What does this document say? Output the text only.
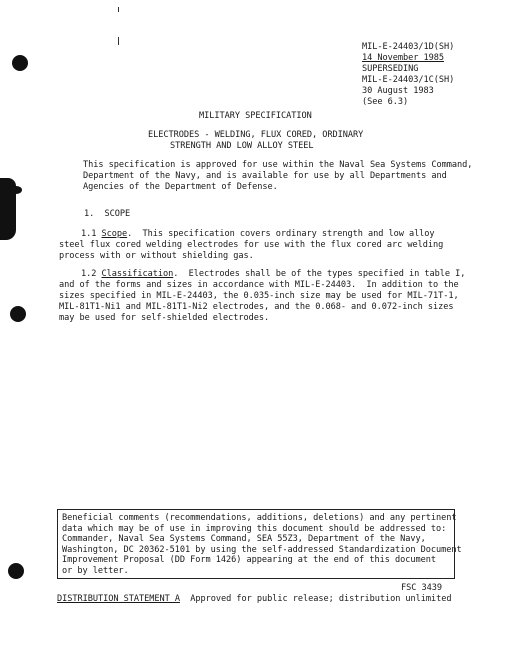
MIL-E-24403/1D(SH)
14 November 1985
SUPERSEDING
MIL-E-24403/1C(SH)
30 August 1983
(See 6.3)
MILITARY SPECIFICATION
ELECTRODES - WELDING, FLUX CORED, ORDINARY
STRENGTH AND LOW ALLOY STEEL
This specification is approved for use within the Naval Sea Systems Command,
Department of the Navy, and is available for use by all Departments and
Agencies of the Department of Defense.
1.  SCOPE
1.1 Scope.  This specification covers ordinary strength and low alloy
steel flux cored welding electrodes for use with the flux cored arc welding
process with or without shielding gas.
1.2 Classification.  Electrodes shall be of the types specified in table I,
and of the forms and sizes in accordance with MIL-E-24403.  In addition to the
sizes specified in MIL-E-24403, the 0.035-inch size may be used for MIL-71T-1,
MIL-81T1-Ni1 and MIL-81T1-Ni2 electrodes, and the 0.068- and 0.072-inch sizes
may be used for self-shielded electrodes.
Beneficial comments (recommendations, additions, deletions) and any pertinent
data which may be of use in improving this document should be addressed to:
Commander, Naval Sea Systems Command, SEA 55Z3, Department of the Navy,
Washington, DC 20362-5101 by using the self-addressed Standardization Document
Improvement Proposal (DD Form 1426) appearing at the end of this document
or by letter.
FSC 3439
DISTRIBUTION STATEMENT A  Approved for public release; distribution unlimited
